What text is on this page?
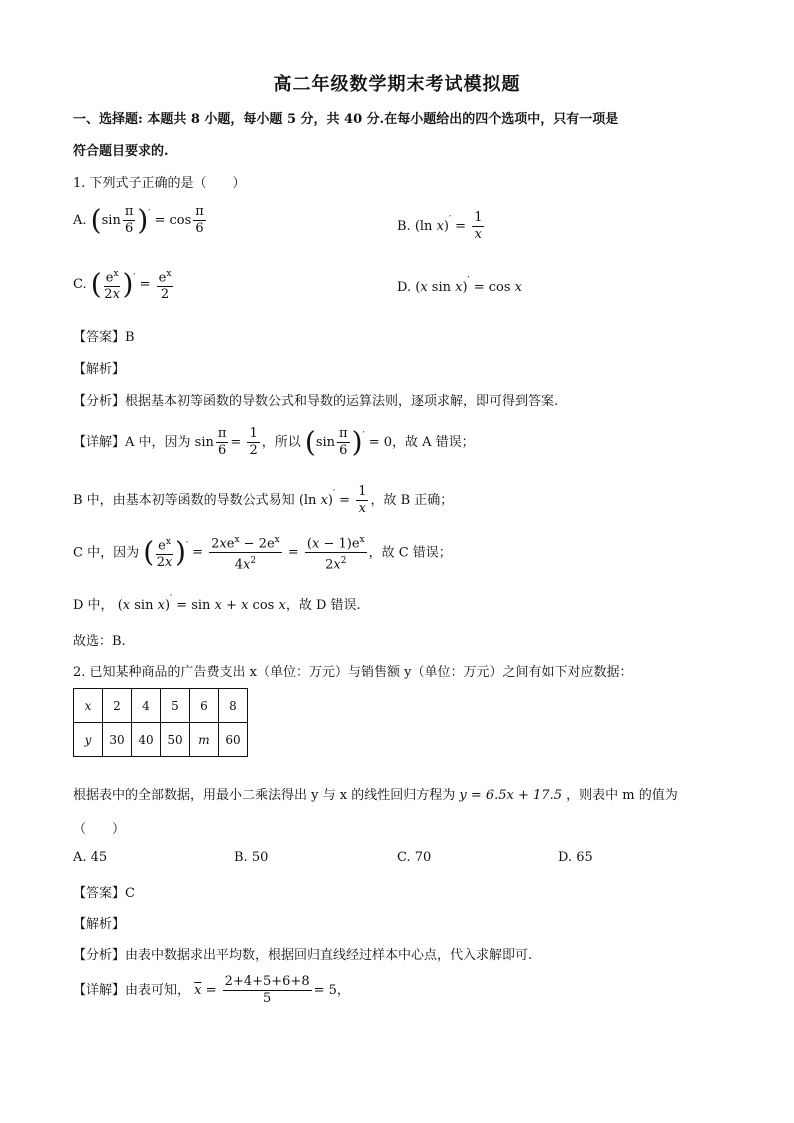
高二年级数学期末考试模拟题
一、选择题: 本题共 8 小题，每小题 5 分，共 40 分.在每小题给出的四个选项中，只有一项是
符合题目要求的.
1. 下列式子正确的是（　　）
A. $(\sin \frac{\pi}{6} )' = \cos \frac{\pi}{6}$	B. (ln $x)' = \frac{1}{x}$
C. ( $\frac{e^x}{2x} )' = \frac{e^x}{2}$	D. (x sin x)′ = cos x
【答案】B
【解析】
【分析】根据基本初等函数的导数公式和导数的运算法则，逐项求解，即可得到答案.
【详解】A 中，因为 $\sin \frac{\pi}{6} = \frac{1}{2}$ ，所以 $(\sin \frac{\pi}{6} )' = 0$，故 A 错误；
B 中，由基本初等函数的导数公式易知 (ln $x)' = \frac{1}{x}$ ，故 B 正确；
C 中，因为 ( $\frac{e^x}{2x} )' = \frac{2xe^x - 2e^x}{4x^2} = \frac{(x - 1)e^x}{2x^2}$ ，故 C 错误；
D 中， (x sin x)′ = sin x + x cos x，故 D 错误.
故选：B.
2. 已知某种商品的广告费支出 x（单位：万元）与销售额 y（单位：万元）之间有如下对应数据：
x	2	4	5	6	8
y	30	40	50	m	60
根据表中的全部数据，用最小二乘法得出 y 与 x 的线性回归方程为 y = 6.5x + 17.5 ，则表中 m 的值为
（　　）
A. 45	B. 50	C. 70	D. 65
【答案】C
【解析】
【分析】由表中数据求出平均数，根据回归直线经过样本中心点，代入求解即可.
【详解】由表可知， $\overline{x} = \frac{2+4+5+6+8}{5} = 5$，
